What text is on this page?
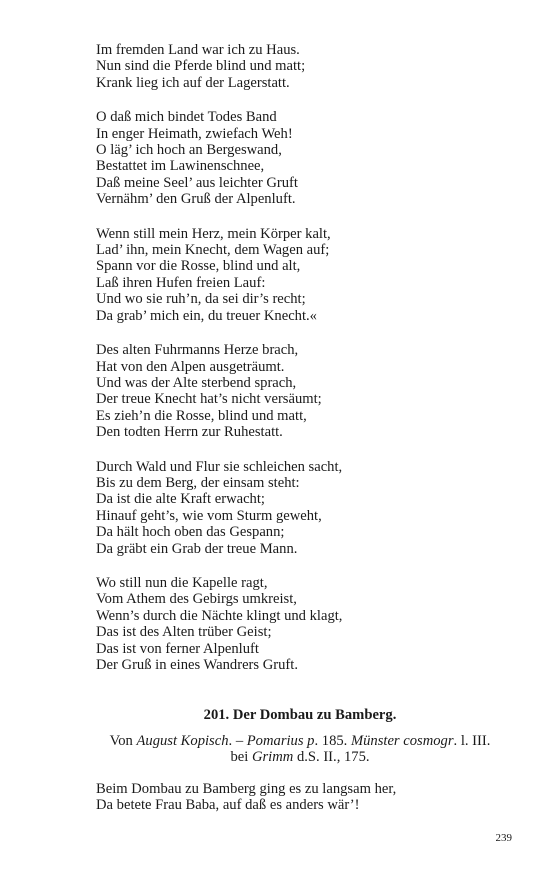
Im fremden Land war ich zu Haus.
Nun sind die Pferde blind und matt;
Krank lieg ich auf der Lagerstatt.
O daß mich bindet Todes Band
In enger Heimath, zwiefach Weh!
O läg’ ich hoch an Bergeswand,
Bestattet im Lawinenschnee,
Daß meine Seel’ aus leichter Gruft
Vernähm’ den Gruß der Alpenluft.
Wenn still mein Herz, mein Körper kalt,
Lad’ ihn, mein Knecht, dem Wagen auf;
Spann vor die Rosse, blind und alt,
Laß ihren Hufen freien Lauf:
Und wo sie ruh’n, da sei dir’s recht;
Da grab’ mich ein, du treuer Knecht.«
Des alten Fuhrmanns Herze brach,
Hat von den Alpen ausgeträumt.
Und was der Alte sterbend sprach,
Der treue Knecht hat’s nicht versäumt;
Es zieh’n die Rosse, blind und matt,
Den todten Herrn zur Ruhestatt.
Durch Wald und Flur sie schleichen sacht,
Bis zu dem Berg, der einsam steht:
Da ist die alte Kraft erwacht;
Hinauf geht’s, wie vom Sturm geweht,
Da hält hoch oben das Gespann;
Da gräbt ein Grab der treue Mann.
Wo still nun die Kapelle ragt,
Vom Athem des Gebirgs umkreist,
Wenn’s durch die Nächte klingt und klagt,
Das ist des Alten trüber Geist;
Das ist von ferner Alpenluft
Der Gruß in eines Wandrers Gruft.
201. Der Dombau zu Bamberg.
Von August Kopisch. – Pomarius p. 185. Münster cosmogr. l. III.
bei Grimm d.S. II., 175.
Beim Dombau zu Bamberg ging es zu langsam her,
Da betete Frau Baba, auf daß es anders wär’!
239
